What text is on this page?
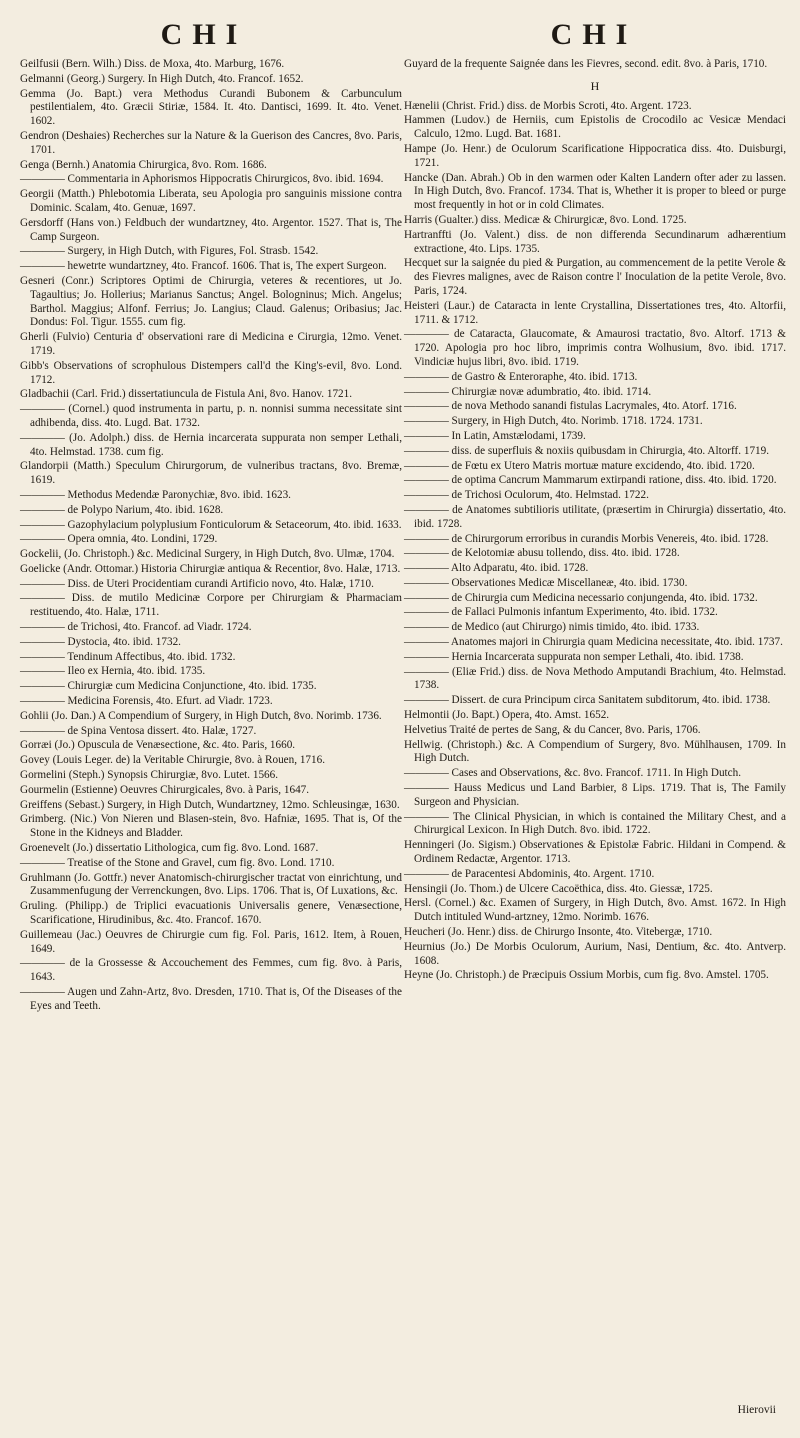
CHI	CHI

Geilfusii (Bern. Wilh.) Diss. de Moxa, 4to. Marburg, 1676.

Gelmanni (Georg.) Surgery. In High Dutch, 4to. Francof. 1652.

Gemma (Jo. Bapt.) vera Methodus Curandi Bubonem & Carbunculum pestilentialem, 4to. Græcii Stiriæ, 1584. It. 4to. Dantisci, 1699. It. 4to. Venet. 1602.

Gendron (Deshaies) Recherches sur la Nature & la Guerison des Cancres, 8vo. Paris, 1701.

Genga (Bernh.) Anatomia Chirurgica, 8vo. Rom. 1686.

———— Commentaria in Aphorismos Hippocratis Chirurgicos, 8vo. ibid. 1694.

Georgii (Matth.) Phlebotomia Liberata, seu Apologia pro sanguinis missione contra Dominic. Scalam, 4to. Genuæ, 1697.

Gersdorff (Hans von.) Feldbuch der wundartzney, 4to. Argentor. 1527. That is, The Camp Surgeon.

———— Surgery, in High Dutch, with Figures, Fol. Strasb. 1542.

———— hewetrte wundartzney, 4to. Francof. 1606. That is, The expert Surgeon.

Gesneri (Conr.) Scriptores Optimi de Chirurgia, veteres & recentiores, ut Jo. Tagaultius; Jo. Hollerius; Marianus Sanctus; Angel. Bologninus; Mich. Angelus; Barthol. Maggius; Alfonf. Ferrius; Jo. Langius; Claud. Galenus; Oribasius; Jac. Dondus: Fol. Tigur. 1555. cum fig.

Gherli (Fulvio) Centuria d' observationi rare di Medicina e Cirurgia, 12mo. Venet. 1719.

Gibb's Observations of scrophulous Distempers call'd the King's-evil, 8vo. Lond. 1712.

Gladbachii (Carl. Frid.) dissertatiuncula de Fistula Ani, 8vo. Hanov. 1721.

———— (Cornel.) quod instrumenta in partu, p. n. nonnisi summa necessitate sint adhibenda, diss. 4to. Lugd. Bat. 1732.

———— (Jo. Adolph.) diss. de Hernia incarcerata suppurata non semper Lethali, 4to. Helmstad. 1738. cum fig.

Glandorpii (Matth.) Speculum Chirurgorum, de vulneribus tractans, 8vo. Bremæ, 1619.

———— Methodus Medendæ Paronychiæ, 8vo. ibid. 1623.

———— de Polypo Narium, 4to. ibid. 1628.

———— Gazophylacium polyplusium Fonticulorum & Setaceorum, 4to. ibid. 1633.

———— Opera omnia, 4to. Londini, 1729.

Gockelii, (Jo. Christoph.) &c. Medicinal Surgery, in High Dutch, 8vo. Ulmæ, 1704.

Goelicke (Andr. Ottomar.) Historia Chirurgiæ antiqua & Recentior, 8vo. Halæ, 1713.

———— Diss. de Uteri Procidentiam curandi Artificio novo, 4to. Halæ, 1710.

———— Diss. de mutilo Medicinæ Corpore per Chirurgiam & Pharmaciam restituendo, 4to. Halæ, 1711.

———— de Trichosi, 4to. Francof. ad Viadr. 1724.

———— Dystocia, 4to. ibid. 1732.

———— Tendinum Affectibus, 4to. ibid. 1732.

———— Ileo ex Hernia, 4to. ibid. 1735.

———— Chirurgiæ cum Medicina Conjunctione, 4to. ibid. 1735.

———— Medicina Forensis, 4to. Efurt. ad Viadr. 1723.

Gohlii (Jo. Dan.) A Compendium of Surgery, in High Dutch, 8vo. Norimb. 1736.

———— de Spina Ventosa dissert. 4to. Halæ, 1727.

Gorræi (Jo.) Opuscula de Venæsectione, &c. 4to. Paris, 1660.

Govey (Louis Leger. de) la Veritable Chirurgie, 8vo. à Rouen, 1716.

Gormelini (Steph.) Synopsis Chirurgiæ, 8vo. Lutet. 1566.

Gourmelin (Estienne) Oeuvres Chirurgicales, 8vo. à Paris, 1647.

Greiffens (Sebast.) Surgery, in High Dutch, Wundartzney, 12mo. Schleusingæ, 1630.

Grimberg. (Nic.) Von Nieren und Blasen-stein, 8vo. Hafniæ, 1695. That is, Of the Stone in the Kidneys and Bladder.

Groenevelt (Jo.) dissertatio Lithologica, cum fig. 8vo. Lond. 1687.

———— Treatise of the Stone and Gravel, cum fig. 8vo. Lond. 1710.

Gruhlmann (Jo. Gottfr.) never Anatomisch-chirurgischer tractat von einrichtung, und Zusammenfugung der Verrenckungen, 8vo. Lips. 1706. That is, Of Luxations, &c.

Gruling. (Philipp.) de Triplici evacuationis Universalis genere, Venæsectione, Scarificatione, Hirudinibus, &c. 4to. Francof. 1670.

Guillemeau (Jac.) Oeuvres de Chirurgie cum fig. Fol. Paris, 1612. Item, à Rouen, 1649.

———— de la Grossesse & Accouchement des Femmes, cum fig. 8vo. à Paris, 1643.

———— Augen und Zahn-Artz, 8vo. Dresden, 1710. That is, Of the Diseases of the Eyes and Teeth.

Guyard de la frequente Saignée dans les Fievres, second. edit. 8vo. à Paris, 1710.

H

Hænelii (Christ. Frid.) diss. de Morbis Scroti, 4to. Argent. 1723.

Hammen (Ludov.) de Herniis, cum Epistolis de Crocodilo ac Vesicæ Mendaci Calculo, 12mo. Lugd. Bat. 1681.

Hampe (Jo. Henr.) de Oculorum Scarificatione Hippocratica diss. 4to. Duisburgi, 1721.

Hancke (Dan. Abrah.) Ob in den warmen oder Kalten Landern ofter ader zu lassen. In High Dutch, 8vo. Francof. 1734. That is, Whether it is proper to bleed or purge most frequently in hot or in cold Climates.

Harris (Gualter.) diss. Medicæ & Chirurgicæ, 8vo. Lond. 1725.

Hartranffti (Jo. Valent.) diss. de non differenda Secundinarum adhærentium extractione, 4to. Lips. 1735.

Hecquet sur la saignée du pied & Purgation, au commencement de la petite Verole & des Fievres malignes, avec de Raison contre l' Inoculation de la petite Verole, 8vo. Paris, 1724.

Heisteri (Laur.) de Cataracta in lente Crystallina, Dissertationes tres, 4to. Altorfii, 1711. & 1712.

———— de Cataracta, Glaucomate, & Amaurosi tractatio, 8vo. Altorf. 1713 & 1720. Apologia pro hoc libro, imprimis contra Wolhusium, 8vo. ibid. 1717. Vindiciæ hujus libri, 8vo. ibid. 1719.

———— de Gastro & Enteroraphe, 4to. ibid. 1713.

———— Chirurgiæ novæ adumbratio, 4to. ibid. 1714.

———— de nova Methodo sanandi fistulas Lacrymales, 4to. Atorf. 1716.

———— Surgery, in High Dutch, 4to. Norimb. 1718. 1724. 1731.

———— In Latin, Amstælodami, 1739.

———— diss. de superfluis & noxiis quibusdam in Chirurgia, 4to. Altorff. 1719.

———— de Fœtu ex Utero Matris mortuæ mature excidendo, 4to. ibid. 1720.

———— de optima Cancrum Mammarum extirpandi ratione, diss. 4to. ibid. 1720.

———— de Trichosi Oculorum, 4to. Helmstad. 1722.

———— de Anatomes subtilioris utilitate, (præsertim in Chirurgia) dissertatio, 4to. ibid. 1728.

———— de Chirurgorum erroribus in curandis Morbis Venereis, 4to. ibid. 1728.

———— de Kelotomiæ abusu tollendo, diss. 4to. ibid. 1728.

———— Alto Adparatu, 4to. ibid. 1728.

———— Observationes Medicæ Miscellaneæ, 4to. ibid. 1730.

———— de Chirurgia cum Medicina necessario conjungenda, 4to. ibid. 1732.

———— de Fallaci Pulmonis infantum Experimento, 4to. ibid. 1732.

———— de Medico (aut Chirurgo) nimis timido, 4to. ibid. 1733.

———— Anatomes majori in Chirurgia quam Medicina necessitate, 4to. ibid. 1737.

———— Hernia Incarcerata suppurata non semper Lethali, 4to. ibid. 1738.

———— (Eliæ Frid.) diss. de Nova Methodo Amputandi Brachium, 4to. Helmstad. 1738.

———— Dissert. de cura Principum circa Sanitatem subditorum, 4to. ibid. 1738.

Helmontii (Jo. Bapt.) Opera, 4to. Amst. 1652.

Helvetius Traité de pertes de Sang, & du Cancer, 8vo. Paris, 1706.

Hellwig. (Christoph.) &c. A Compendium of Surgery, 8vo. Mühlhausen, 1709. In High Dutch.

———— Cases and Observations, &c. 8vo. Francof. 1711. In High Dutch.

———— Hauss Medicus und Land Barbier, 8 Lips. 1719. That is, The Family Surgeon and Physician.

———— The Clinical Physician, in which is contained the Military Chest, and a Chirurgical Lexicon. In High Dutch. 8vo. ibid. 1722.

Henningeri (Jo. Sigism.) Observationes & Epistolæ Fabric. Hildani in Compend. & Ordinem Redactæ, Argentor. 1713.

———— de Paracentesi Abdominis, 4to. Argent. 1710.

Hensingii (Jo. Thom.) de Ulcere Cacoëthica, diss. 4to. Giessæ, 1725.

Hersl. (Cornel.) &c. Examen of Surgery, in High Dutch, 8vo. Amst. 1672. In High Dutch intituled Wund-artzney, 12mo. Norimb. 1676.

Heucheri (Jo. Henr.) diss. de Chirurgo Insonte, 4to. Vitebergæ, 1710.

Heurnius (Jo.) De Morbis Oculorum, Aurium, Nasi, Dentium, &c. 4to. Antverp. 1608.

Heyne (Jo. Christoph.) de Præcipuis Ossium Morbis, cum fig. 8vo. Amstel. 1705.

Hierovii
